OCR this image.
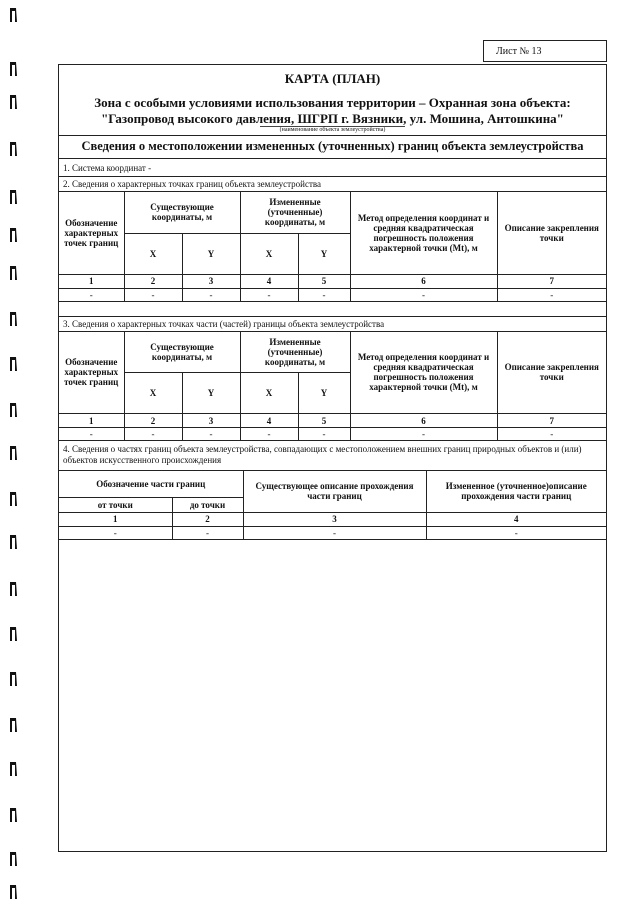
Лист № 13
КАРТА (ПЛАН)
Зона с особыми условиями использования территории – Охранная зона объекта:
"Газопровод высокого давления, ШГРП г. Вязники, ул. Мошина, Антошкина"
(наименование объекта землеустройства)
Сведения о местоположении измененных (уточненных) границ объекта землеустройства
1. Система координат -
2. Сведения о характерных точках границ объекта землеустройства
Обозначение характерных точек границ	Существующие координаты, м		Измененные (уточненные) координаты, м		Метод определения координат и средняя квадратическая погрешность положения характерной точки (Mt), м	Описание закрепления точки
	X	Y	X	Y		
1	2	3	4	5	6	7
-	-	-	-	-	-	-
3. Сведения о характерных точках части (частей) границы объекта землеустройства
Обозначение характерных точек границ	Существующие координаты, м		Измененные (уточненные) координаты, м		Метод определения координат и средняя квадратическая погрешность положения характерной точки (Mt), м	Описание закрепления точки
	X	Y	X	Y		
1	2	3	4	5	6	7
-	-	-	-	-	-	-
4. Сведения о частях границ объекта землеустройства, совпадающих с местоположением внешних границ природных объектов и (или) объектов искусственного происхождения
Обозначение части границ		Существующее описание прохождения части границ	Измененное (уточненное)описание прохождения части границ
от точки	до точки		
1	2	3	4
-	-	-	-
